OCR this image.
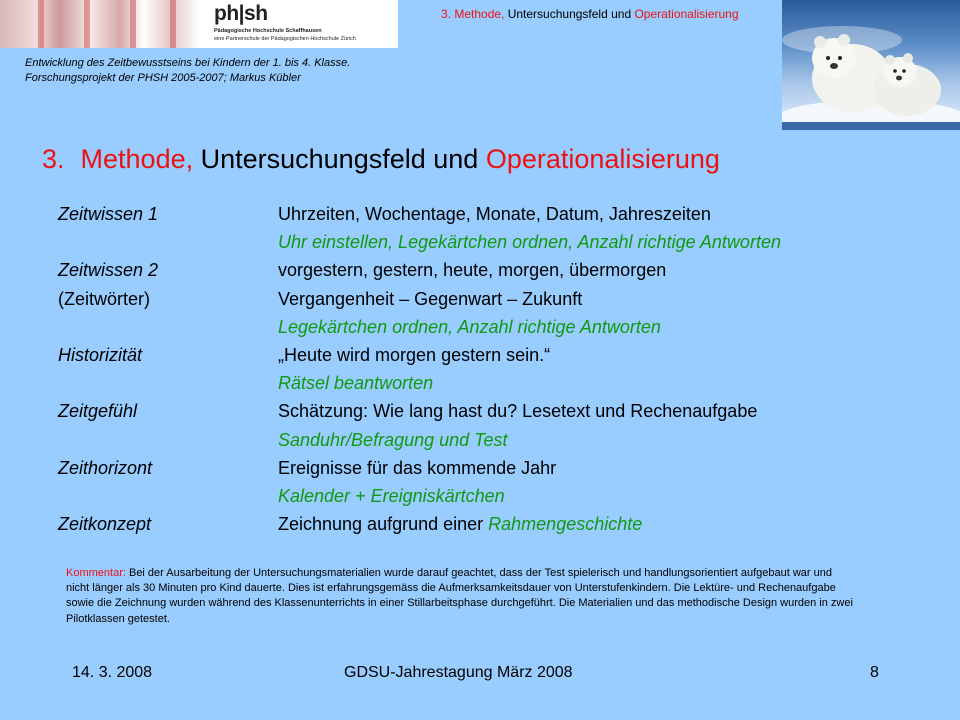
ph|sh
Pädagogische Hochschule Schaffhausen
eine Partnerschule der Pädagogischen Hochschule Zürich
Entwicklung des Zeitbewusstseins bei Kindern der 1. bis 4. Klasse.
Forschungsprojekt der PHSH 2005-2007; Markus Kübler
3. Methode, Untersuchungsfeld und Operationalisierung
3. Methode, Untersuchungsfeld und Operationalisierung
Zeitwissen 1	Uhrzeiten, Wochentage, Monate, Datum, Jahreszeiten
Uhr einstellen, Legekärtchen ordnen, Anzahl richtige Antworten
Zeitwissen 2	vorgestern, gestern, heute, morgen, übermorgen
(Zeitwörter)	Vergangenheit – Gegenwart – Zukunft
Legekärtchen ordnen, Anzahl richtige Antworten
Historizität	„Heute wird morgen gestern sein.“
Rätsel beantworten
Zeitgefühl	Schätzung: Wie lang hast du? Lesetext und Rechenaufgabe
Sanduhr/Befragung und Test
Zeithorizont	Ereignisse für das kommende Jahr
Kalender + Ereigniskärtchen
Zeitkonzept	Zeichnung aufgrund einer Rahmengeschichte
Kommentar: Bei der Ausarbeitung der Untersuchungsmaterialien wurde darauf geachtet, dass der Test spielerisch und handlungsorientiert aufgebaut war und nicht länger als 30 Minuten pro Kind dauerte. Dies ist erfahrungsgemäss die Aufmerksamkeitsdauer von Unterstufenkindern. Die Lektüre- und Rechenaufgabe sowie die Zeichnung wurden während des Klassenunterrichts in einer Stillarbeitsphase durchgeführt. Die Materialien und das methodische Design wurden in zwei Pilotklassen getestet.
14. 3. 2008	GDSU-Jahrestagung März 2008	8
